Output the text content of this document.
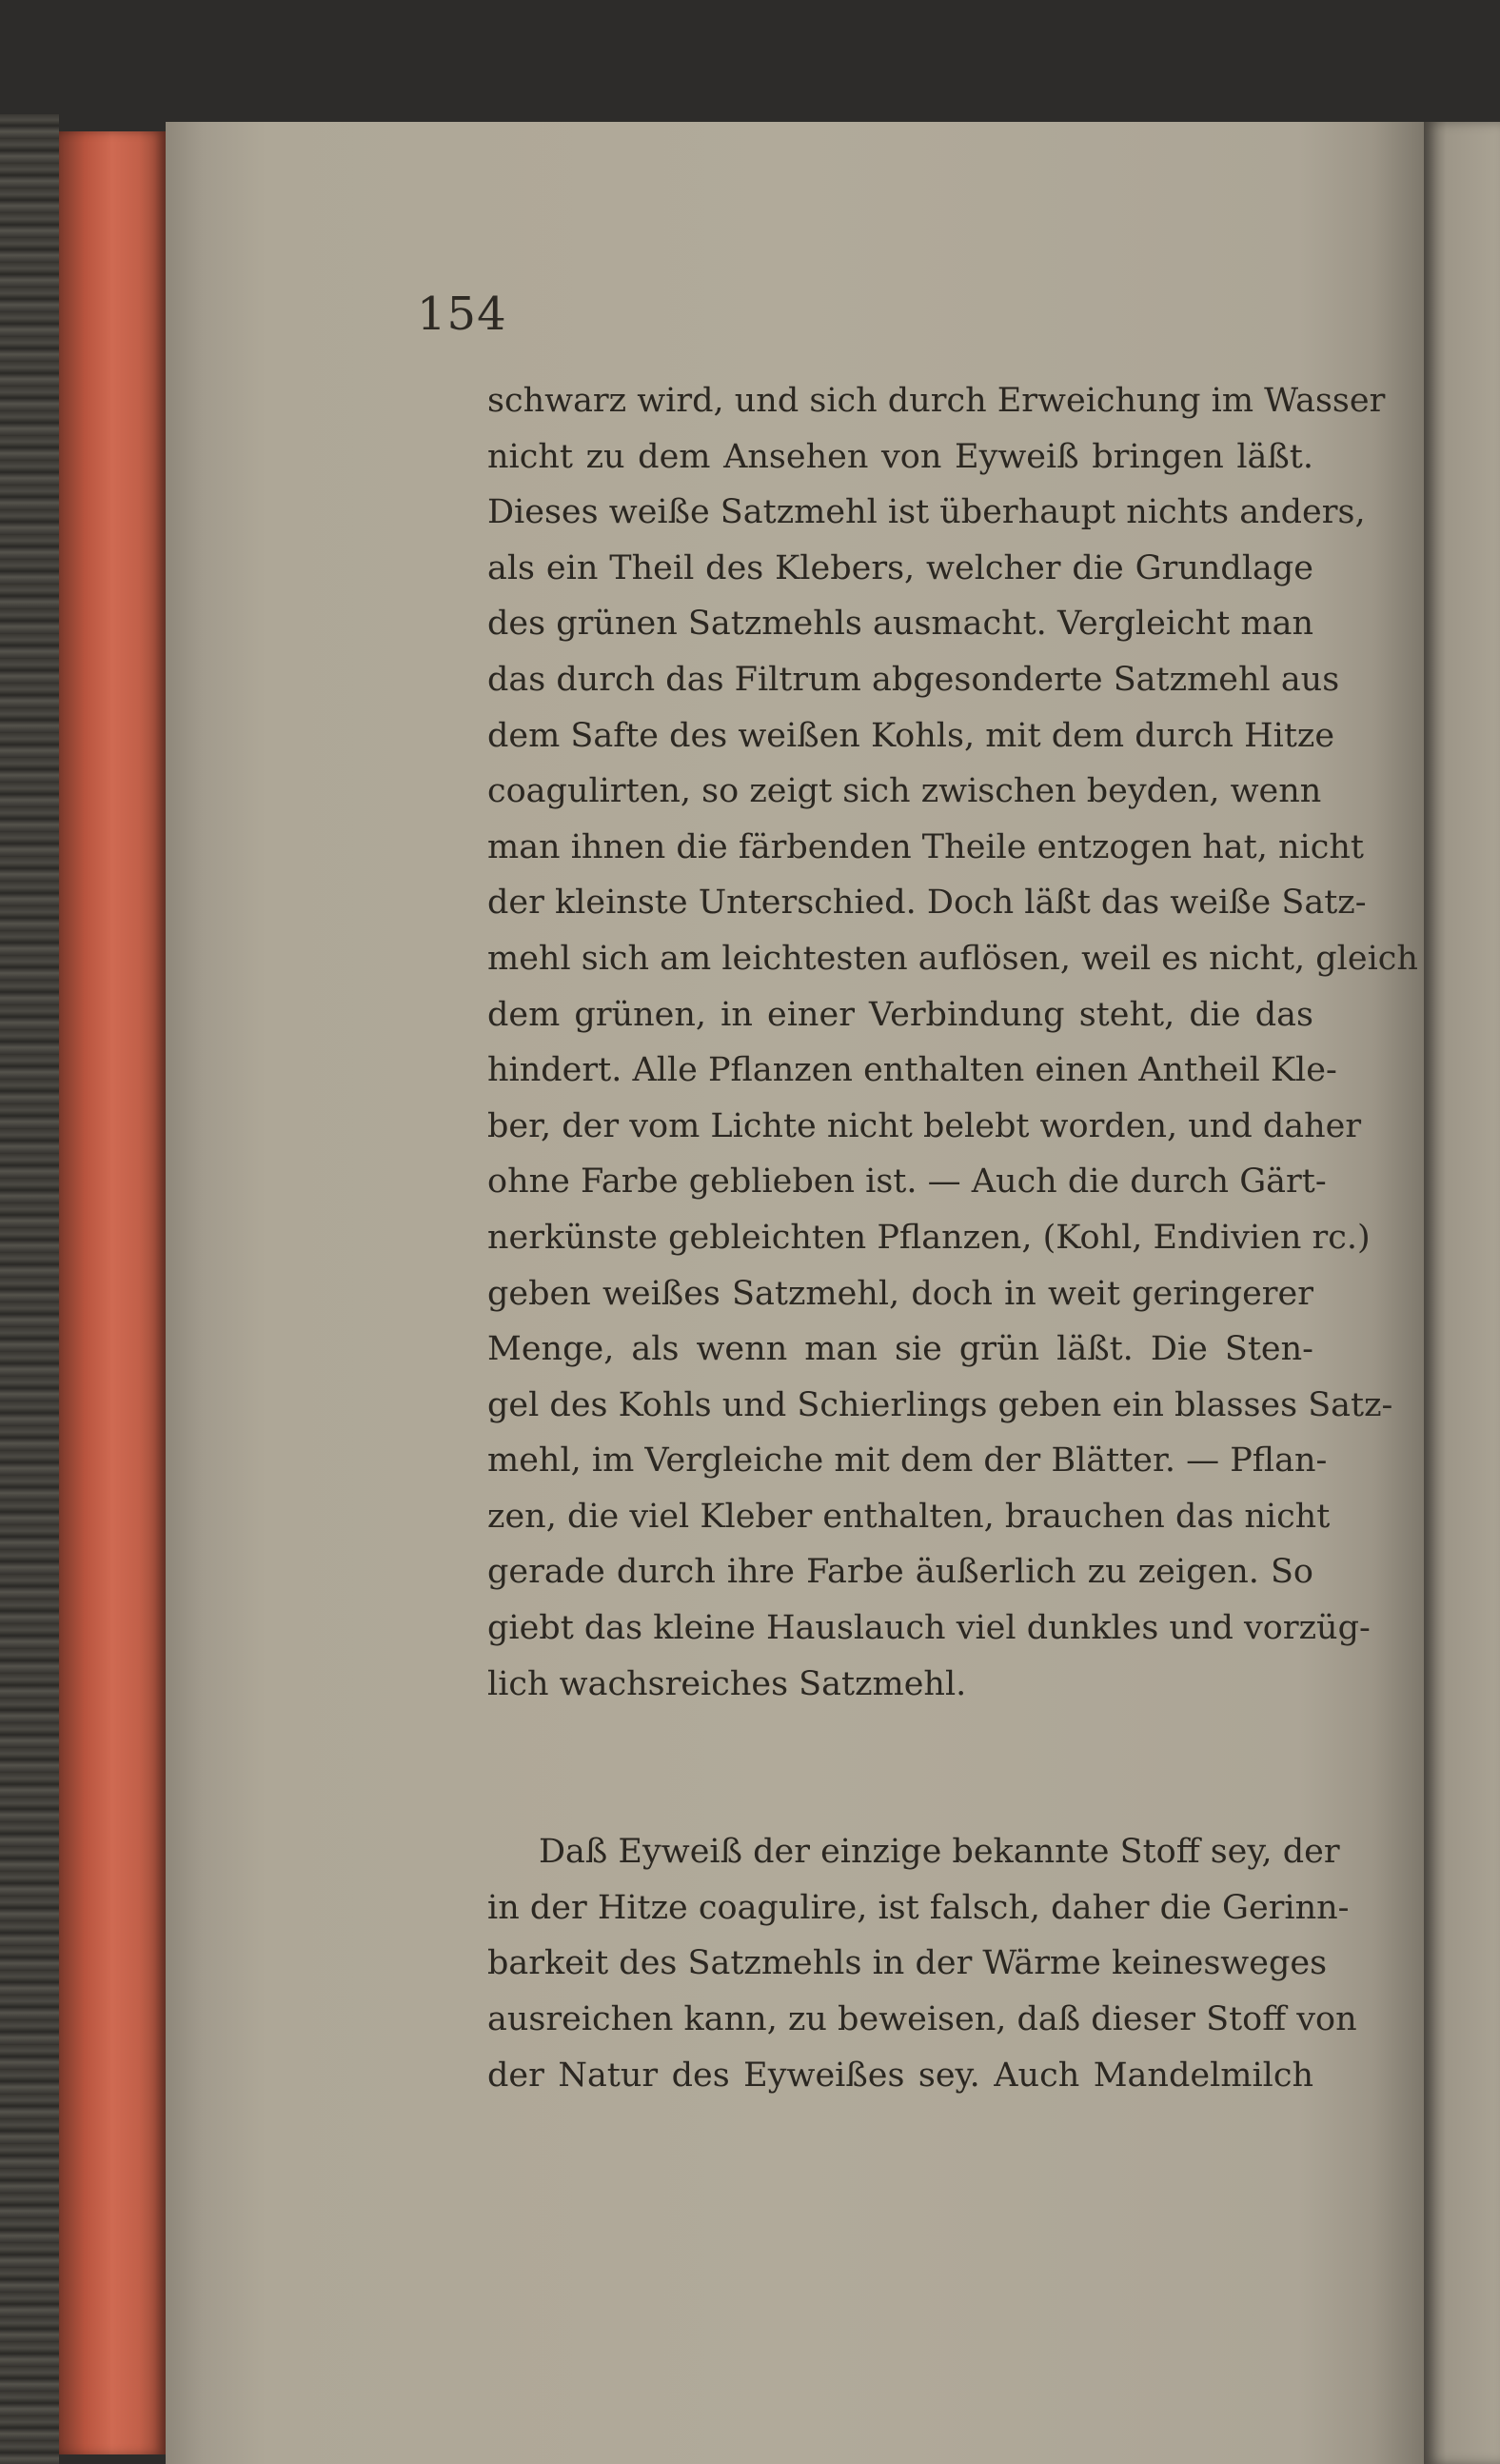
154
schwarz wird, und sich durch Erweichung im Wasser
nicht zu dem Ansehen von Eyweiß bringen läßt.
Dieses weiße Satzmehl ist überhaupt nichts anders,
als ein Theil des Klebers, welcher die Grundlage
des grünen Satzmehls ausmacht. Vergleicht man
das durch das Filtrum abgesonderte Satzmehl aus
dem Safte des weißen Kohls, mit dem durch Hitze
coagulirten, so zeigt sich zwischen beyden, wenn
man ihnen die färbenden Theile entzogen hat, nicht
der kleinste Unterschied. Doch läßt das weiße Satz-
mehl sich am leichtesten auflösen, weil es nicht, gleich
dem grünen, in einer Verbindung steht, die das
hindert. Alle Pflanzen enthalten einen Antheil Kle-
ber, der vom Lichte nicht belebt worden, und daher
ohne Farbe geblieben ist. — Auch die durch Gärt-
nerkünste gebleichten Pflanzen, (Kohl, Endivien rc.)
geben weißes Satzmehl, doch in weit geringerer
Menge, als wenn man sie grün läßt. Die Sten-
gel des Kohls und Schierlings geben ein blasses Satz-
mehl, im Vergleiche mit dem der Blätter. — Pflan-
zen, die viel Kleber enthalten, brauchen das nicht
gerade durch ihre Farbe äußerlich zu zeigen. So
giebt das kleine Hauslauch viel dunkles und vorzüg-
lich wachsreiches Satzmehl.
Daß Eyweiß der einzige bekannte Stoff sey, der
in der Hitze coagulire, ist falsch, daher die Gerinn-
barkeit des Satzmehls in der Wärme keinesweges
ausreichen kann, zu beweisen, daß dieser Stoff von
der Natur des Eyweißes sey. Auch Mandelmilch
